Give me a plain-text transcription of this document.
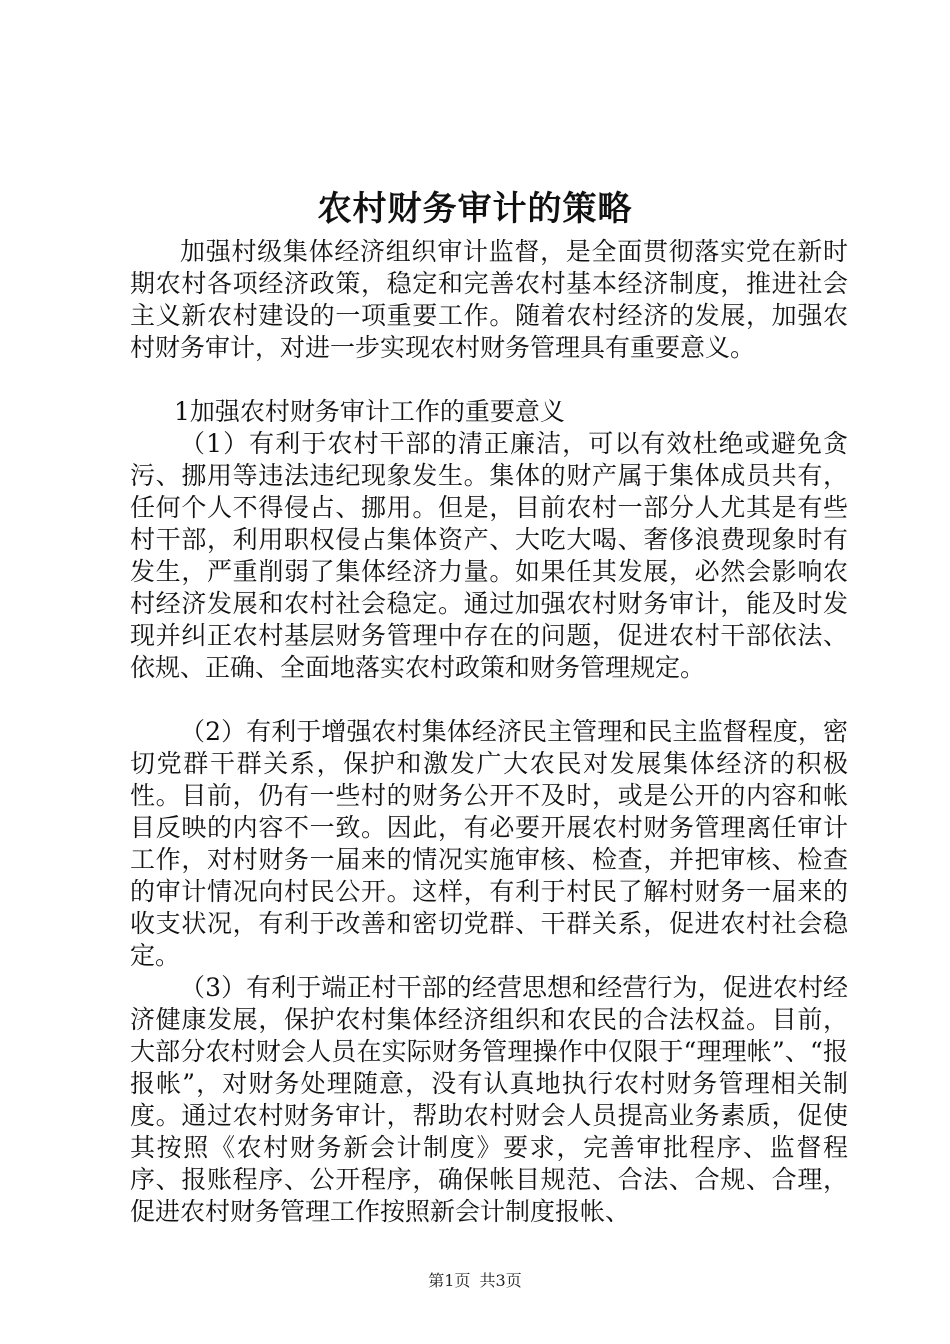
农村财务审计的策略

加强村级集体经济组织审计监督，是全面贯彻落实党在新时期农村各项经济政策，稳定和完善农村基本经济制度，推进社会主义新农村建设的一项重要工作。随着农村经济的发展，加强农村财务审计，对进一步实现农村财务管理具有重要意义。

1加强农村财务审计工作的重要意义

（1）有利于农村干部的清正廉洁，可以有效杜绝或避免贪污、挪用等违法违纪现象发生。集体的财产属于集体成员共有，任何个人不得侵占、挪用。但是，目前农村一部分人尤其是有些村干部，利用职权侵占集体资产、大吃大喝、奢侈浪费现象时有发生，严重削弱了集体经济力量。如果任其发展，必然会影响农村经济发展和农村社会稳定。通过加强农村财务审计，能及时发现并纠正农村基层财务管理中存在的问题，促进农村干部依法、依规、正确、全面地落实农村政策和财务管理规定。

（2）有利于增强农村集体经济民主管理和民主监督程度，密切党群干群关系，保护和激发广大农民对发展集体经济的积极性。目前，仍有一些村的财务公开不及时，或是公开的内容和帐目反映的内容不一致。因此，有必要开展农村财务管理离任审计工作，对村财务一届来的情况实施审核、检查，并把审核、检查的审计情况向村民公开。这样，有利于村民了解村财务一届来的收支状况，有利于改善和密切党群、干群关系，促进农村社会稳定。

（3）有利于端正村干部的经营思想和经营行为，促进农村经济健康发展，保护农村集体经济组织和农民的合法权益。目前，大部分农村财会人员在实际财务管理操作中仅限于“理理帐”、“报报帐”，对财务处理随意，没有认真地执行农村财务管理相关制度。通过农村财务审计，帮助农村财会人员提高业务素质，促使其按照《农村财务新会计制度》要求，完善审批程序、监督程序、报账程序、公开程序，确保帐目规范、合法、合规、合理，促进农村财务管理工作按照新会计制度报帐、

第1页 共3页
